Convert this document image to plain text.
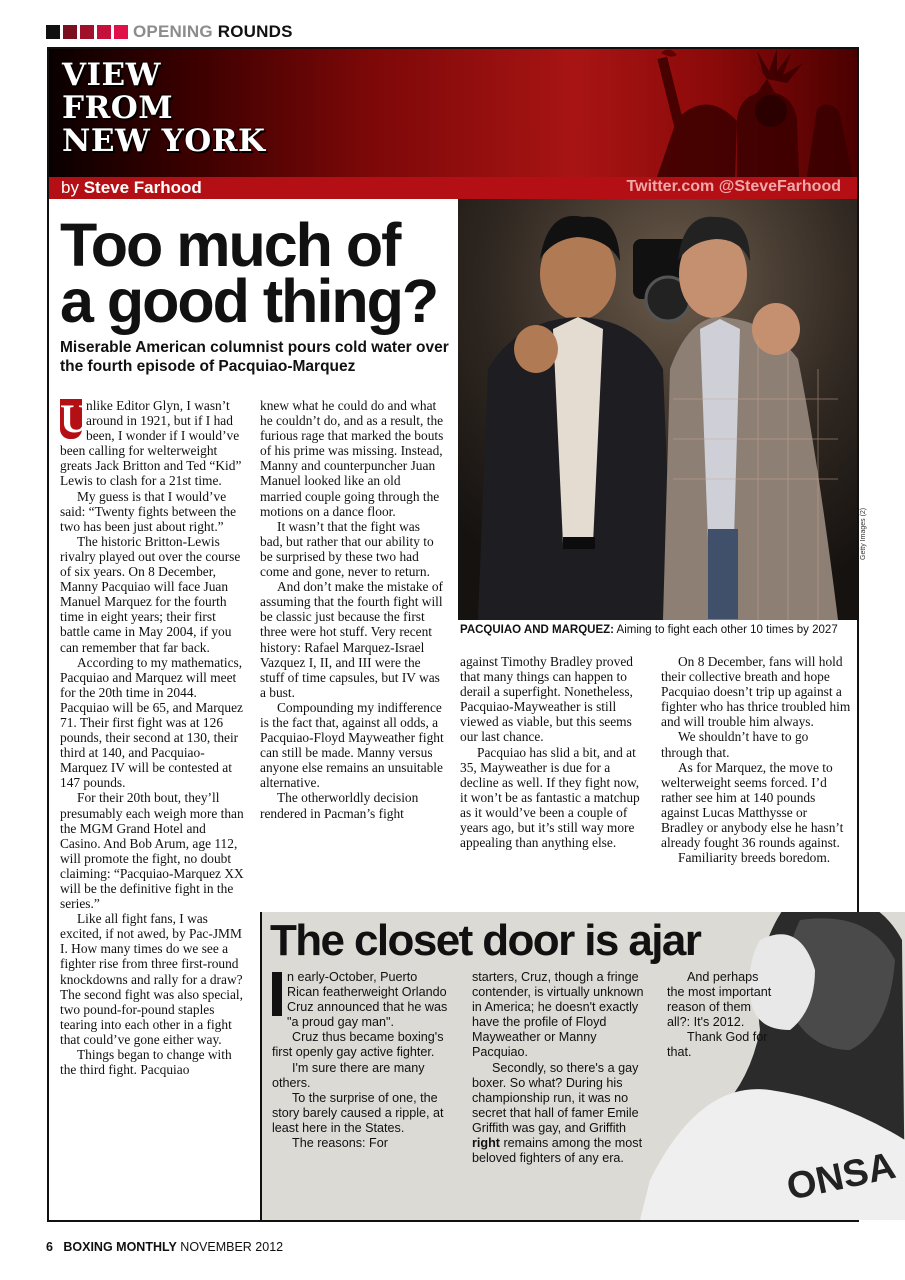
OPENING ROUNDS
VIEW
FROM
NEW YORK
by Steve Farhood	Twitter.com @SteveFarhood
Too much of
a good thing?
Miserable American columnist pours cold water over the fourth episode of Pacquiao-Marquez

U
nlike Editor Glyn, I wasn’t around in 1921, but if I had been, I wonder if I would’ve been calling for welterweight greats Jack Britton and Ted “Kid” Lewis to clash for a 21st time.

My guess is that I would’ve said: “Twenty fights between the two has been just about right.”

The historic Britton-Lewis rivalry played out over the course of six years. On 8 December, Manny Pacquiao will face Juan Manuel Marquez for the fourth time in eight years; their first battle came in May 2004, if you can remember that far back.

According to my mathematics, Pacquiao and Marquez will meet for the 20th time in 2044. Pacquiao will be 65, and Marquez 71. Their first fight was at 126 pounds, their second at 130, their third at 140, and Pacquiao-Marquez IV will be contested at 147 pounds.

For their 20th bout, they’ll presumably each weigh more than the MGM Grand Hotel and Casino. And Bob Arum, age 112, will promote the fight, no doubt claiming: “Pacquiao-Marquez XX will be the definitive fight in the series.”

Like all fight fans, I was excited, if not awed, by Pac-JMM I. How many times do we see a fighter rise from three first-round knockdowns and rally for a draw? The second fight was also special, two pound-for-pound staples tearing into each other in a fight that could’ve gone either way.

Things began to change with the third fight. Pacquiao

knew what he could do and what he couldn’t do, and as a result, the furious rage that marked the bouts of his prime was missing. Instead, Manny and counterpuncher Juan Manuel looked like an old married couple going through the motions on a dance floor.

It wasn’t that the fight was bad, but rather that our ability to be surprised by these two had come and gone, never to return.

And don’t make the mistake of assuming that the fourth fight will be classic just because the first three were hot stuff. Very recent history: Rafael Marquez-Israel Vazquez I, II, and III were the stuff of time capsules, but IV was a bust.

Compounding my indifference is the fact that, against all odds, a Pacquiao-Floyd Mayweather fight can still be made. Manny versus anyone else remains an unsuitable alternative.

The otherworldly decision rendered in Pacman’s fight

Getty Images (2)
PACQUIAO AND MARQUEZ: Aiming to fight each other 10 times by 2027

against Timothy Bradley proved that many things can happen to derail a superfight. Nonetheless, Pacquiao-Mayweather is still viewed as viable, but this seems our last chance.

Pacquiao has slid a bit, and at 35, Mayweather is due for a decline as well. If they fight now, it won’t be as fantastic a matchup as it would’ve been a couple of years ago, but it’s still way more appealing than anything else.

On 8 December, fans will hold their collective breath and hope Pacquiao doesn’t trip up against a fighter who has thrice troubled him and will trouble him always.

We shouldn’t have to go through that.

As for Marquez, the move to welterweight seems forced. I’d rather see him at 140 pounds against Lucas Matthysse or Bradley or anybody else he hasn’t already fought 36 rounds against.

Familiarity breeds boredom.

ONSA
The closet door is ajar

n early-October, Puerto Rican featherweight Orlando Cruz announced that he was "a proud gay man".

Cruz thus became boxing's first openly gay active fighter.

I'm sure there are many others.

To the surprise of one, the story barely caused a ripple, at least here in the States.

The reasons: For

starters, Cruz, though a fringe contender, is virtually unknown in America; he doesn't exactly have the profile of Floyd Mayweather or Manny Pacquiao.

Secondly, so there's a gay boxer. So what? During his championship run, it was no secret that hall of famer Emile Griffith was gay, and Griffith right remains among the most beloved fighters of any era.

And perhaps the most important reason of them all?: It's 2012.

Thank God for that.

6 BOXING MONTHLY NOVEMBER 2012
